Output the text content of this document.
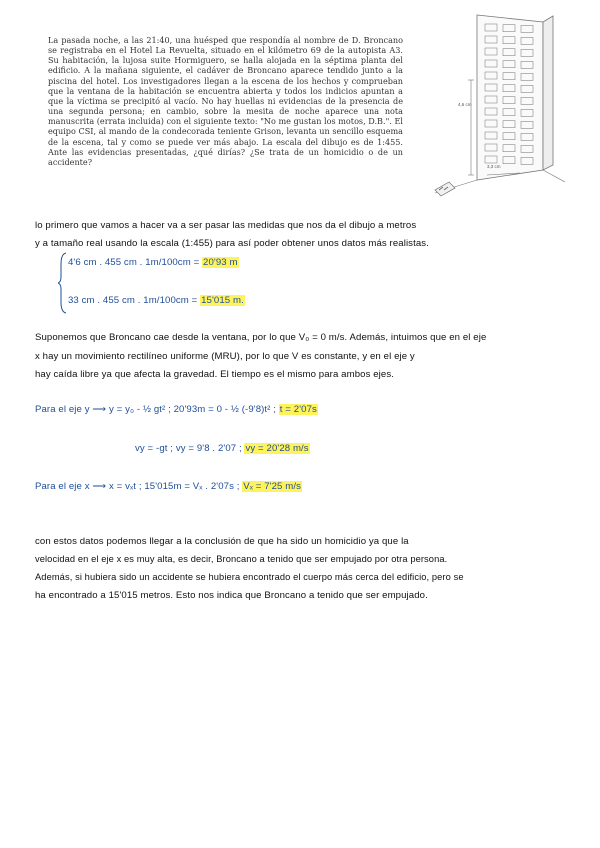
La pasada noche, a las 21:40, una huésped que respondía al nombre de D. Broncano se registraba en el Hotel La Revuelta, situado en el kilómetro 69 de la autopista A3. Su habitación, la lujosa suite Hormiguero, se halla alojada en la séptima planta del edificio. A la mañana siguiente, el cadáver de Broncano aparece tendido junto a la piscina del hotel. Los investigadores llegan a la escena de los hechos y comprueban que la ventana de la habitación se encuentra abierta y todos los indicios apuntan a que la víctima se precipitó al vacío. No hay huellas ni evidencias de la presencia de una segunda persona; en cambio, sobre la mesita de noche aparece una nota manuscrita (errata incluida) con el siguiente texto: "No me gustan los motos, D.B.". El equipo CSI, al mando de la condecorada teniente Grison, levanta un sencillo esquema de la escena, tal y como se puede ver más abajo. La escala del dibujo es de 1:455. Ante las evidencias presentadas, ¿qué dirías? ¿Se trata de un homicidio o de un accidente?

4,6 cm
3,3 cm
lo primero que vamos a hacer va a ser pasar las medidas que nos da el dibujo a metros
y a tamaño real usando la escala (1:455) para así poder obtener unos datos más realistas.
4'6 cm . 455 cm . 1m/100cm = 20'93 m
33 cm . 455 cm . 1m/100cm = 15'015 m.
Suponemos que Broncano cae desde la ventana, por lo que V₀ = 0 m/s. Además, intuimos que en el eje
x hay un movimiento rectilíneo uniforme (MRU), por lo que V es constante, y en el eje y
hay caída libre ya que afecta la gravedad. El tiempo es el mismo para ambos ejes.
Para el eje y ⟶ y = y₀ - ½ gt² ; 20'93m = 0 - ½ (-9'8)t² ; t = 2'07s
vy = -gt ; vy = 9'8 . 2'07 ; vy = 20'28 m/s
Para el eje x ⟶ x = vₓt ; 15'015m = Vₓ . 2'07s ; Vₓ = 7'25 m/s
con estos datos podemos llegar a la conclusión de que ha sido un homicidio ya que la
velocidad en el eje x es muy alta, es decir, Broncano a tenido que ser empujado por otra persona.
Además, si hubiera sido un accidente se hubiera encontrado el cuerpo más cerca del edificio, pero se
ha encontrado a 15'015 metros. Esto nos indica que Broncano a tenido que ser empujado.
